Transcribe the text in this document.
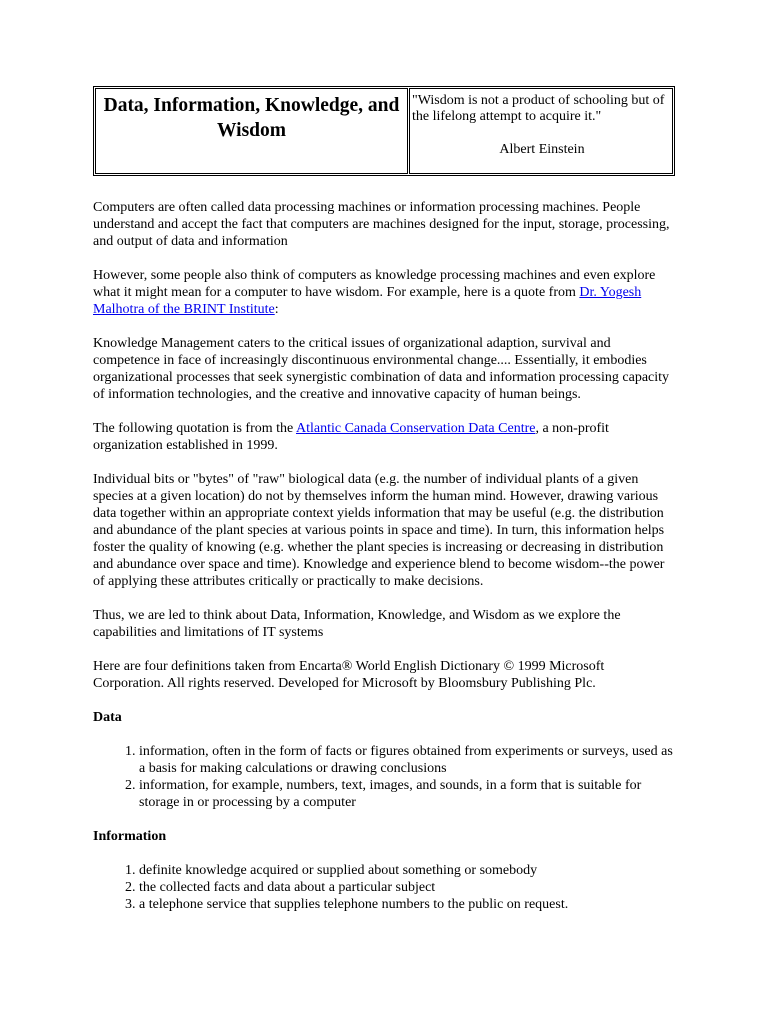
Data, Information, Knowledge, and Wisdom

"Wisdom is not a product of schooling but of the lifelong attempt to acquire it."
Albert Einstein

Computers are often called data processing machines or information processing machines. People understand and accept the fact that computers are machines designed for the input, storage, processing, and output of data and information

However, some people also think of computers as knowledge processing machines and even explore what it might mean for a computer to have wisdom. For example, here is a quote from Dr. Yogesh Malhotra of the BRINT Institute:

Knowledge Management caters to the critical issues of organizational adaption, survival and competence in face of increasingly discontinuous environmental change.... Essentially, it embodies organizational processes that seek synergistic combination of data and information processing capacity of information technologies, and the creative and innovative capacity of human beings.

The following quotation is from the Atlantic Canada Conservation Data Centre, a non-profit organization established in 1999.

Individual bits or "bytes" of "raw" biological data (e.g. the number of individual plants of a given species at a given location) do not by themselves inform the human mind. However, drawing various data together within an appropriate context yields information that may be useful (e.g. the distribution and abundance of the plant species at various points in space and time). In turn, this information helps foster the quality of knowing (e.g. whether the plant species is increasing or decreasing in distribution and abundance over space and time). Knowledge and experience blend to become wisdom--the power of applying these attributes critically or practically to make decisions.

Thus, we are led to think about Data, Information, Knowledge, and Wisdom as we explore the capabilities and limitations of IT systems

Here are four definitions taken from Encarta® World English Dictionary © 1999 Microsoft Corporation. All rights reserved. Developed for Microsoft by Bloomsbury Publishing Plc.

Data
1. information, often in the form of facts or figures obtained from experiments or surveys, used as a basis for making calculations or drawing conclusions
2. information, for example, numbers, text, images, and sounds, in a form that is suitable for storage in or processing by a computer
Information
1. definite knowledge acquired or supplied about something or somebody
2. the collected facts and data about a particular subject
3. a telephone service that supplies telephone numbers to the public on request.
